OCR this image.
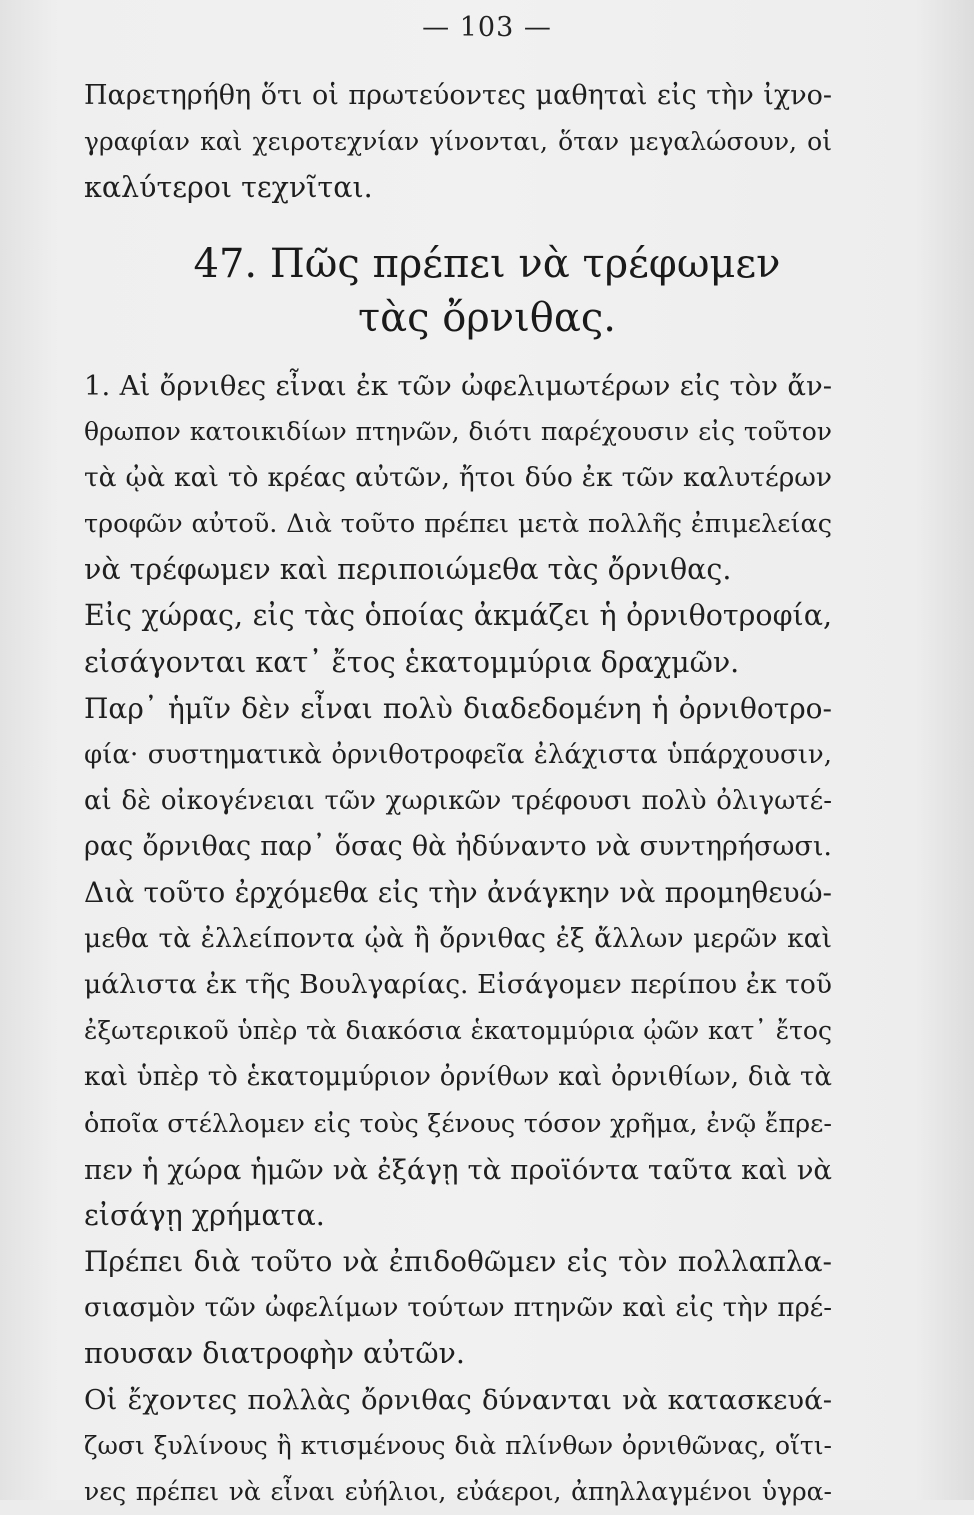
— 103 —
Παρετηρήθη ὅτι οἱ πρωτεύοντες μαθηταὶ εἰς τὴν ἰχνο-
γραφίαν καὶ χειροτεχνίαν γίνονται, ὅταν μεγαλώσουν, οἱ
καλύτεροι τεχνῖται.
47. Πῶς πρέπει νὰ τρέφωμεν
τὰς ὄρνιθας.
1. Αἱ ὄρνιθες εἶναι ἐκ τῶν ὠφελιμωτέρων εἰς τὸν ἄν-
θρωπον κατοικιδίων πτηνῶν, διότι παρέχουσιν εἰς τοῦτον
τὰ ᾠὰ καὶ τὸ κρέας αὐτῶν, ἤτοι δύο ἐκ τῶν καλυτέρων
τροφῶν αὐτοῦ. Διὰ τοῦτο πρέπει μετὰ πολλῆς ἐπιμελείας
νὰ τρέφωμεν καὶ περιποιώμεθα τὰς ὄρνιθας.
Εἰς χώρας, εἰς τὰς ὁποίας ἀκμάζει ἡ ὀρνιθοτροφία,
εἰσάγονται κατ᾽ ἔτος ἑκατομμύρια δραχμῶν.
Παρ᾽ ἡμῖν δὲν εἶναι πολὺ διαδεδομένη ἡ ὀρνιθοτρο-
φία· συστηματικὰ ὀρνιθοτροφεῖα ἐλάχιστα ὑπάρχουσιν,
αἱ δὲ οἰκογένειαι τῶν χωρικῶν τρέφουσι πολὺ ὀλιγωτέ-
ρας ὄρνιθας παρ᾽ ὅσας θὰ ἠδύναντο νὰ συντηρήσωσι.
Διὰ τοῦτο ἐρχόμεθα εἰς τὴν ἀνάγκην νὰ προμηθευώ-
μεθα τὰ ἐλλείποντα ᾠὰ ἢ ὄρνιθας ἐξ ἄλλων μερῶν καὶ
μάλιστα ἐκ τῆς Βουλγαρίας. Εἰσάγομεν περίπου ἐκ τοῦ
ἐξωτερικοῦ ὑπὲρ τὰ διακόσια ἑκατομμύρια ᾠῶν κατ᾽ ἔτος
καὶ ὑπὲρ τὸ ἑκατομμύριον ὀρνίθων καὶ ὀρνιθίων, διὰ τὰ
ὁποῖα στέλλομεν εἰς τοὺς ξένους τόσον χρῆμα, ἐνῷ ἔπρε-
πεν ἡ χώρα ἡμῶν νὰ ἐξάγῃ τὰ προϊόντα ταῦτα καὶ νὰ
εἰσάγῃ χρήματα.
Πρέπει διὰ τοῦτο νὰ ἐπιδοθῶμεν εἰς τὸν πολλαπλα-
σιασμὸν τῶν ὠφελίμων τούτων πτηνῶν καὶ εἰς τὴν πρέ-
πουσαν διατροφὴν αὐτῶν.
Οἱ ἔχοντες πολλὰς ὄρνιθας δύνανται νὰ κατασκευά-
ζωσι ξυλίνους ἢ κτισμένους διὰ πλίνθων ὀρνιθῶνας, οἵτι-
νες πρέπει νὰ εἶναι εὐήλιοι, εὐάεροι, ἀπηλλαγμένοι ὑγρα-
